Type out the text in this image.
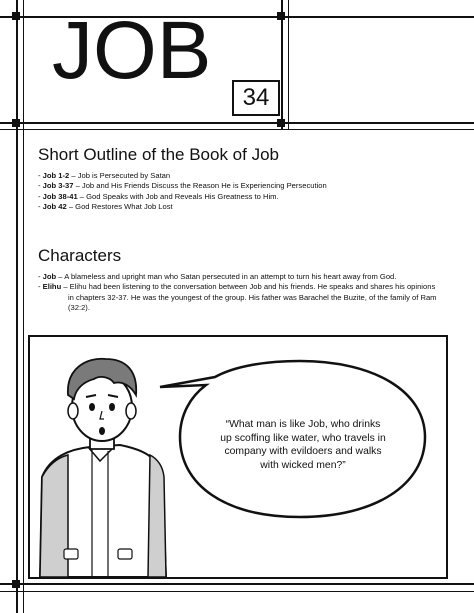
JOB
34
Short Outline of the Book of Job
- Job 1-2 – Job is Persecuted by Satan
- Job 3-37 – Job and His Friends Discuss the Reason He is Experiencing Persecution
- Job 38-41 – God Speaks with Job and Reveals His Greatness to Him.
- Job 42 – God Restores What Job Lost
Characters
- Job – A blameless and upright man who Satan persecuted in an attempt to turn his heart away from God.
- Elihu – Elihu had been listening to the conversation between Job and his friends. He speaks and shares his opinions in chapters 32-37. He was the youngest of the group. His father was Barachel the Buzite, of the family of Ram (32:2).
“What man is like Job, who drinks up scoffing like water, who travels in company with evildoers and walks with wicked men?”
